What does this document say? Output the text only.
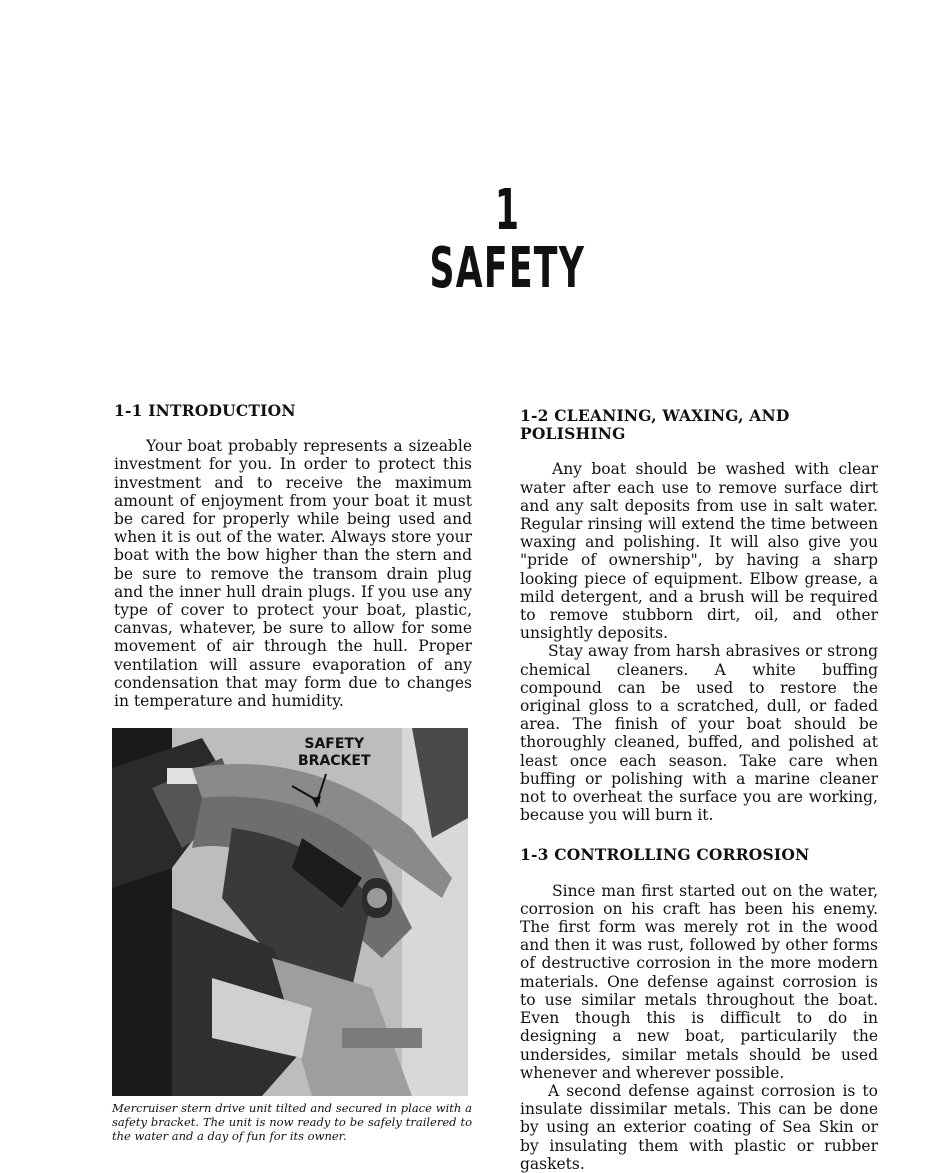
1
SAFETY
1-1 INTRODUCTION

Your boat probably represents a sizeable investment for you. In order to protect this investment and to receive the maximum amount of enjoyment from your boat it must be cared for properly while being used and when it is out of the water. Always store your boat with the bow higher than the stern and be sure to remove the transom drain plug and the inner hull drain plugs. If you use any type of cover to protect your boat, plastic, canvas, whatever, be sure to allow for some movement of air through the hull. Proper ventilation will assure evaporation of any condensation that may form due to changes in temperature and humidity.

SAFETY
BRACKET
Mercruiser stern drive unit tilted and secured in place with a safety bracket. The unit is now ready to be safely trailered to the water and a day of fun for its owner.
1-2 CLEANING, WAXING, AND POLISHING

Any boat should be washed with clear water after each use to remove surface dirt and any salt deposits from use in salt water. Regular rinsing will extend the time between waxing and polishing. It will also give you "pride of ownership", by having a sharp looking piece of equipment. Elbow grease, a mild detergent, and a brush will be required to remove stubborn dirt, oil, and other unsightly deposits.

Stay away from harsh abrasives or strong chemical cleaners. A white buffing compound can be used to restore the original gloss to a scratched, dull, or faded area. The finish of your boat should be thoroughly cleaned, buffed, and polished at least once each season. Take care when buffing or polishing with a marine cleaner not to overheat the surface you are working, because you will burn it.

1-3 CONTROLLING CORROSION

Since man first started out on the water, corrosion on his craft has been his enemy. The first form was merely rot in the wood and then it was rust, followed by other forms of destructive corrosion in the more modern materials. One defense against corrosion is to use similar metals throughout the boat. Even though this is difficult to do in designing a new boat, particularily the undersides, similar metals should be used whenever and wherever possible.

A second defense against corrosion is to insulate dissimilar metals. This can be done by using an exterior coating of Sea Skin or by insulating them with plastic or rubber gaskets.
